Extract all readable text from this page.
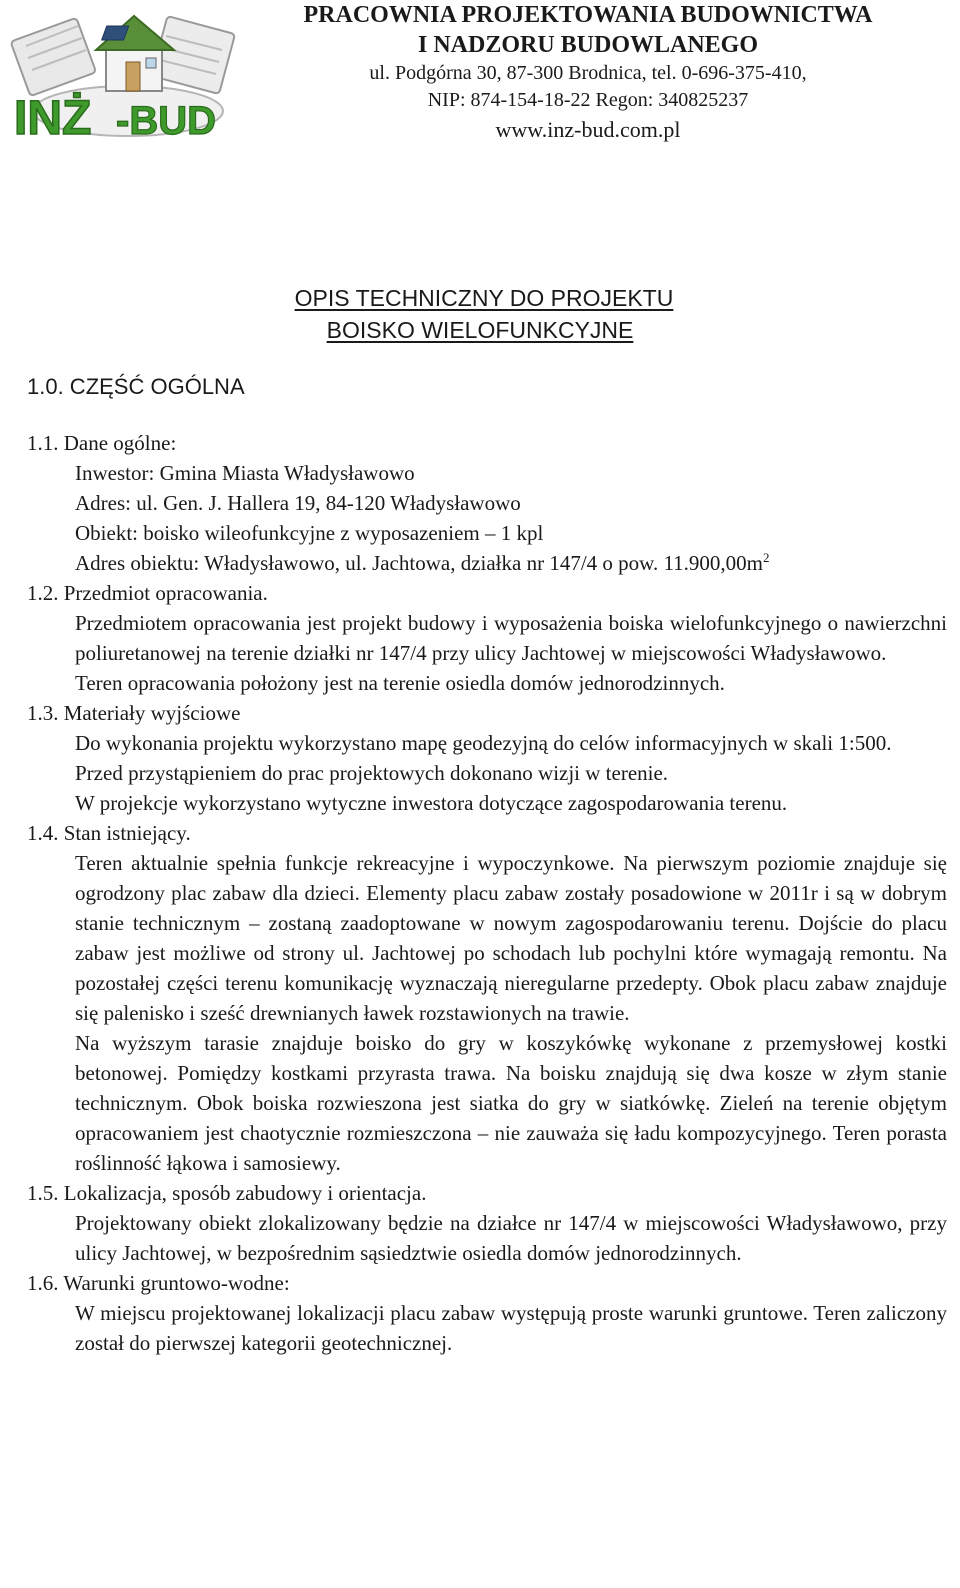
INŻ -BUD
PRACOWNIA PROJEKTOWANIA BUDOWNICTWA
I NADZORU BUDOWLANEGO
ul. Podgórna 30, 87-300 Brodnica, tel. 0-696-375-410,
NIP: 874-154-18-22 Regon: 340825237
www.inz-bud.com.pl
OPIS TECHNICZNY DO PROJEKTU
BOISKO WIELOFUNKCYJNE
1.0. CZĘŚĆ OGÓLNA
1.1. Dane ogólne:
Inwestor: Gmina Miasta Władysławowo
Adres: ul. Gen. J. Hallera 19, 84-120 Władysławowo
Obiekt: boisko wileofunkcyjne z wyposazeniem – 1 kpl
Adres obiektu: Władysławowo, ul. Jachtowa, działka nr 147/4 o pow. $11.900,00m^2$
1.2. Przedmiot opracowania.

Przedmiotem opracowania jest projekt budowy i wyposażenia boiska wielofunkcyjnego o nawierzchni poliuretanowej na terenie działki nr 147/4 przy ulicy Jachtowej w miejscowości Władysławowo.

Teren opracowania położony jest na terenie osiedla domów jednorodzinnych.

1.3. Materiały wyjściowe

Do wykonania projektu wykorzystano mapę geodezyjną do celów informacyjnych w skali 1:500.

Przed przystąpieniem do prac projektowych dokonano wizji w terenie.

W projekcje wykorzystano wytyczne inwestora dotyczące zagospodarowania terenu.

1.4. Stan istniejący.

Teren aktualnie spełnia funkcje rekreacyjne i wypoczynkowe. Na pierwszym poziomie znajduje się ogrodzony plac zabaw dla dzieci. Elementy placu zabaw zostały posadowione w 2011r i są w dobrym stanie technicznym – zostaną zaadoptowane w nowym zagospodarowaniu terenu. Dojście do placu zabaw jest możliwe od strony ul. Jachtowej po schodach lub pochylni które wymagają remontu. Na pozostałej części terenu komunikację wyznaczają nieregularne przedepty. Obok placu zabaw znajduje się palenisko i sześć drewnianych ławek rozstawionych na trawie.

Na wyższym tarasie znajduje boisko do gry w koszykówkę wykonane z przemysłowej kostki betonowej. Pomiędzy kostkami przyrasta trawa. Na boisku znajdują się dwa kosze w złym stanie technicznym. Obok boiska rozwieszona jest siatka do gry w siatkówkę. Zieleń na terenie objętym opracowaniem jest chaotycznie rozmieszczona – nie zauważa się ładu kompozycyjnego. Teren porasta roślinność łąkowa i samosiewy.

1.5. Lokalizacja, sposób zabudowy i orientacja.

Projektowany obiekt zlokalizowany będzie na działce nr 147/4 w miejscowości Władysławowo, przy ulicy Jachtowej, w bezpośrednim sąsiedztwie osiedla domów jednorodzinnych.

1.6. Warunki gruntowo-wodne:

W miejscu projektowanej lokalizacji placu zabaw występują proste warunki gruntowe. Teren zaliczony został do pierwszej kategorii geotechnicznej.
